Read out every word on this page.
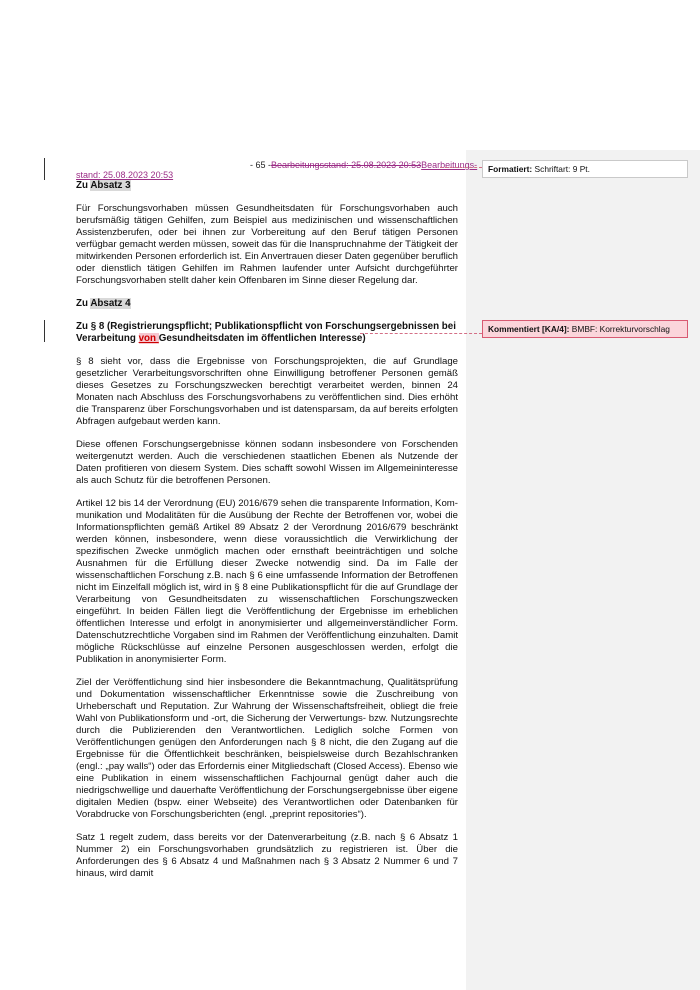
- 65 -Bearbeitungsstand: 25.08.2023 20:53Bearbeitungs-
stand: 25.08.2023 20:53
Zu Absatz 3

Für Forschungsvorhaben müssen Gesundheitsdaten für Forschungsvorhaben auch berufsmäßig tätigen Gehilfen, zum Beispiel aus medizinischen und wissenschaftlichen Assistenzberufen, oder bei ihnen zur Vorbereitung auf den Beruf tätigen Personen verfügbar gemacht werden müssen, soweit das für die Inanspruchnahme der Tätigkeit der mitwirkenden Personen erforderlich ist. Ein Anvertrauen dieser Daten gegenüber beruflich oder dienstlich tätigen Gehilfen im Rahmen laufender unter Aufsicht durchgeführter Forschungsvorhaben stellt daher kein Offenbaren im Sinne dieser Regelung dar.

Zu Absatz 4
Zu § 8 (Registrierungspflicht; Publikationspflicht von Forschungsergebnissen bei Verarbeitung von Gesundheitsdaten im öffentlichen Interesse)

§ 8 sieht vor, dass die Ergebnisse von Forschungsprojekten, die auf Grundlage gesetzlicher Verarbeitungsvorschriften ohne Einwilligung betroffener Personen gemäß dieses Gesetzes zu Forschungszwecken berechtigt verarbeitet werden, binnen 24 Monaten nach Abschluss des Forschungsvorhabens zu veröffentlichen sind. Dies erhöht die Transparenz über Forschungsvorhaben und ist datensparsam, da auf bereits erfolgten Abfragen aufgebaut werden kann.

Diese offenen Forschungsergebnisse können sodann insbesondere von Forschenden weitergenutzt werden. Auch die verschiedenen staatlichen Ebenen als Nutzende der Daten profitieren von diesem System. Dies schafft sowohl Wissen im Allgemeininteresse als auch Schutz für die betroffenen Personen.

Artikel 12 bis 14 der Verordnung (EU) 2016/679 sehen die transparente Information, Kommunikation und Modalitäten für die Ausübung der Rechte der Betroffenen vor, wobei die Informationspflichten gemäß Artikel 89 Absatz 2 der Verordnung 2016/679 beschränkt werden können, insbesondere, wenn diese voraussichtlich die Verwirklichung der spezifischen Zwecke unmöglich machen oder ernsthaft beeinträchtigen und solche Ausnahmen für die Erfüllung dieser Zwecke notwendig sind. Da im Falle der wissenschaftlichen Forschung z.B. nach § 6 eine umfassende Information der Betroffenen nicht im Einzelfall möglich ist, wird in § 8 eine Publikationspflicht für die auf Grundlage der Verarbeitung von Gesundheitsdaten zu wissenschaftlichen Forschungszwecken eingeführt. In beiden Fällen liegt die Veröffentlichung der Ergebnisse im erheblichen öffentlichen Interesse und erfolgt in anonymisierter und allgemeinverständlicher Form. Datenschutzrechtliche Vorgaben sind im Rahmen der Veröffentlichung einzuhalten. Damit mögliche Rückschlüsse auf einzelne Personen ausgeschlossen werden, erfolgt die Publikation in anonymisierter Form.

Ziel der Veröffentlichung sind hier insbesondere die Bekanntmachung, Qualitätsprüfung und Dokumentation wissenschaftlicher Erkenntnisse sowie die Zuschreibung von Urheberschaft und Reputation. Zur Wahrung der Wissenschaftsfreiheit, obliegt die freie Wahl von Publikationsform und -ort, die Sicherung der Verwertungs- bzw. Nutzungsrechte durch die Publizierenden den Verantwortlichen. Lediglich solche Formen von Veröffentlichungen genügen den Anforderungen nach § 8 nicht, die den Zugang auf die Ergebnisse für die Öffentlichkeit beschränken, beispielsweise durch Bezahlschranken (engl.: „pay walls“) oder das Erfordernis einer Mitgliedschaft (Closed Access). Ebenso wie eine Publikation in einem wissenschaftlichen Fachjournal genügt daher auch die niedrigschwellige und dauerhafte Veröffentlichung der Forschungsergebnisse über eigene digitalen Medien (bspw. einer Webseite) des Verantwortlichen oder Datenbanken für Vorabdrucke von Forschungsberichten (engl. „preprint repositories“).

Satz 1 regelt zudem, dass bereits vor der Datenverarbeitung (z.B. nach § 6 Absatz 1 Nummer 2) ein Forschungsvorhaben grundsätzlich zu registrieren ist. Über die Anforderungen des § 6 Absatz 4 und Maßnahmen nach § 3 Absatz 2 Nummer 6 und 7 hinaus, wird damit

Formatiert: Schriftart: 9 Pt.
Kommentiert [KA/4]: BMBF: Korrekturvorschlag
